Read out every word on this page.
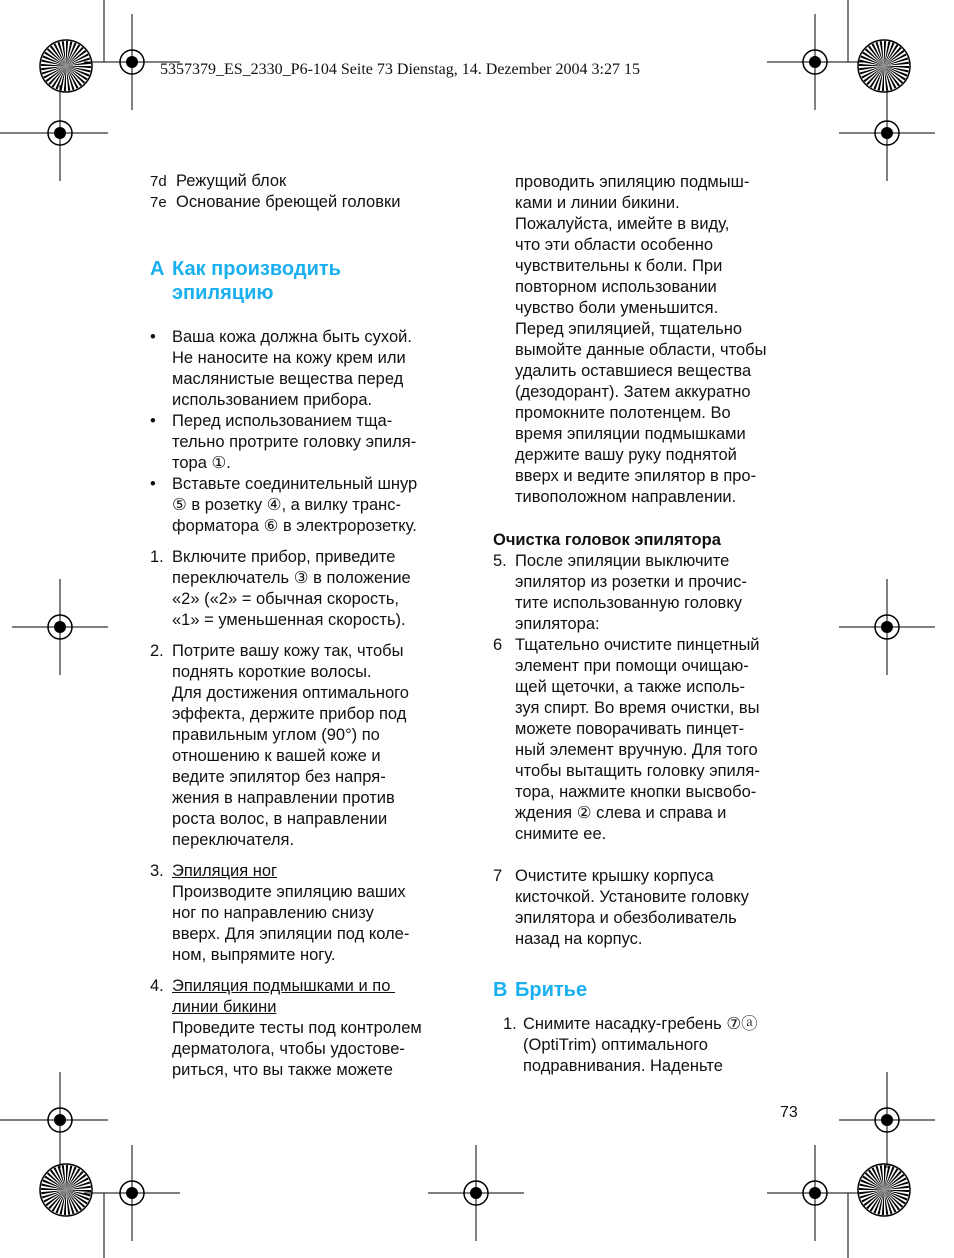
5357379_ES_2330_P6-104 Seite 73 Dienstag, 14. Dezember 2004 3:27 15
7d Режущий блок
7e Основание бреющей головки
A Как производить
эпиляцию
• Ваша кожа должна быть сухой.
Не наносите на кожу крем или
маслянистые вещества перед
использованием прибора.
• Перед использованием тща-
тельно протрите головку эпиля-
тора ①.
• Вставьте соединительный шнур
⑤ в розетку ④, а вилку транс-
форматора ⑥ в электророзетку.
1. Включите прибор, приведите
переключатель ③ в положение
«2» («2» = обычная скорость,
«1» = уменьшенная скорость).
2. Потрите вашу кожу так, чтобы
поднять короткие волосы.
Для достижения оптимального
эффекта, держите прибор под
правильным углом (90°) по
отношению к вашей коже и
ведите эпилятор без напря-
жения в направлении против
роста волос, в направлении
переключателя.
3. Эпиляция ног
Производите эпиляцию ваших
ног по направлению снизу
вверх. Для эпиляции под коле-
ном, выпрямите ногу.
4. Эпиляция подмышками и по
линии бикини
Проведите тесты под контролем
дерматолога, чтобы удостове-
риться, что вы также можете
проводить эпиляцию подмыш-
ками и линии бикини.
Пожалуйста, имейте в виду,
что эти области особенно
чувствительны к боли. При
повторном использовании
чувство боли уменьшится.
Перед эпиляцией, тщательно
вымойте данные области, чтобы
удалить оставшиеся вещества
(дезодорант). Затем аккуратно
промокните полотенцем. Во
время эпиляции подмышками
держите вашу руку поднятой
вверх и ведите эпилятор в про-
тивоположном направлении.
Очистка головок эпилятора
5. После эпиляции выключите
эпилятор из розетки и прочис-
тите использованную головку
эпилятора:
6 Тщательно очистите пинцетный
элемент при помощи очищаю-
щей щеточки, а также исполь-
зуя спирт. Во время очистки, вы
можете поворачивать пинцет-
ный элемент вручную. Для того
чтобы вытащить головку эпиля-
тора, нажмите кнопки высвобо-
ждения ② слева и справа и
снимите ее.
7 Очистите крышку корпуса
кисточкой. Установите головку
эпилятора и обезболиватель
назад на корпус.
B Бритье
1. Снимите насадку-гребень ⑦ⓐ
(OptiTrim) оптимального
подравнивания. Наденьте
73
